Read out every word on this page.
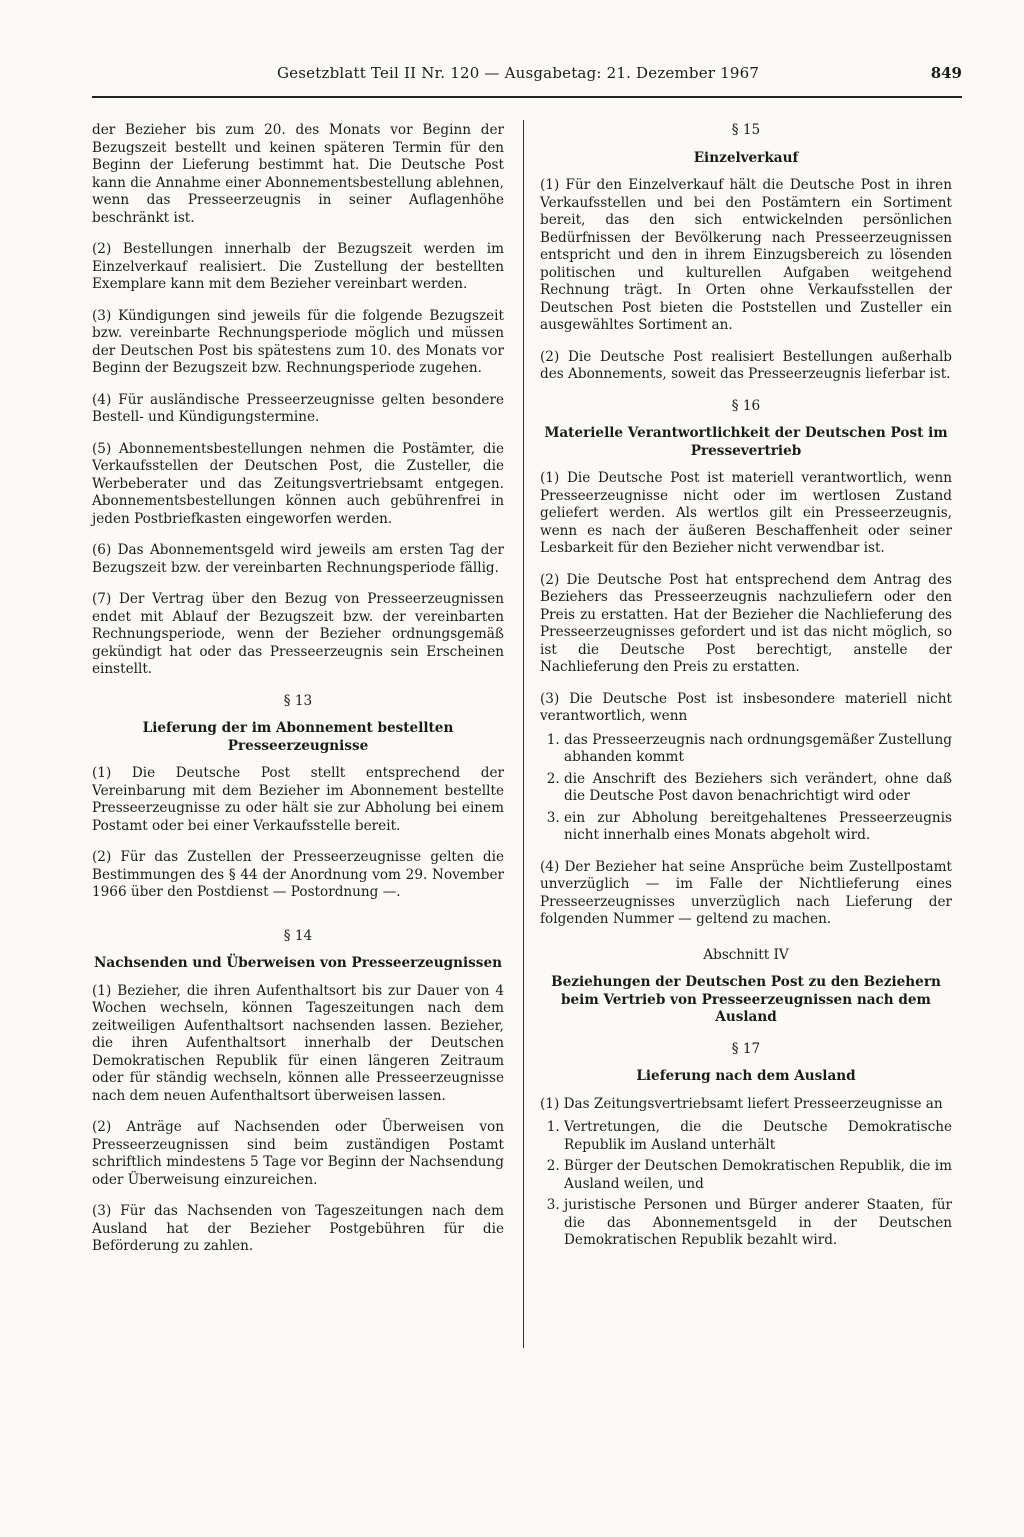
Gesetzblatt Teil II Nr. 120 — Ausgabetag: 21. Dezember 1967	849

der Bezieher bis zum 20. des Monats vor Beginn der Bezugszeit bestellt und keinen späteren Termin für den Beginn der Lieferung bestimmt hat. Die Deutsche Post kann die Annahme einer Abonnementsbestellung ablehnen, wenn das Presseerzeugnis in seiner Auflagenhöhe beschränkt ist.

(2) Bestellungen innerhalb der Bezugszeit werden im Einzelverkauf realisiert. Die Zustellung der bestellten Exemplare kann mit dem Bezieher vereinbart werden.

(3) Kündigungen sind jeweils für die folgende Bezugszeit bzw. vereinbarte Rechnungsperiode möglich und müssen der Deutschen Post bis spätestens zum 10. des Monats vor Beginn der Bezugszeit bzw. Rechnungsperiode zugehen.

(4) Für ausländische Presseerzeugnisse gelten besondere Bestell- und Kündigungstermine.

(5) Abonnementsbestellungen nehmen die Postämter, die Verkaufsstellen der Deutschen Post, die Zusteller, die Werbeberater und das Zeitungsvertriebsamt entgegen. Abonnementsbestellungen können auch gebührenfrei in jeden Postbriefkasten eingeworfen werden.

(6) Das Abonnementsgeld wird jeweils am ersten Tag der Bezugszeit bzw. der vereinbarten Rechnungsperiode fällig.

(7) Der Vertrag über den Bezug von Presseerzeugnissen endet mit Ablauf der Bezugszeit bzw. der vereinbarten Rechnungsperiode, wenn der Bezieher ordnungsgemäß gekündigt hat oder das Presseerzeugnis sein Erscheinen einstellt.

§ 13
Lieferung der im Abonnement bestellten Presseerzeugnisse

(1) Die Deutsche Post stellt entsprechend der Vereinbarung mit dem Bezieher im Abonnement bestellte Presseerzeugnisse zu oder hält sie zur Abholung bei einem Postamt oder bei einer Verkaufsstelle bereit.

(2) Für das Zustellen der Presseerzeugnisse gelten die Bestimmungen des § 44 der Anordnung vom 29. November 1966 über den Postdienst — Postordnung —.

§ 14
Nachsenden und Überweisen von Presseerzeugnissen

(1) Bezieher, die ihren Aufenthaltsort bis zur Dauer von 4 Wochen wechseln, können Tageszeitungen nach dem zeitweiligen Aufenthaltsort nachsenden lassen. Bezieher, die ihren Aufenthaltsort innerhalb der Deutschen Demokratischen Republik für einen längeren Zeitraum oder für ständig wechseln, können alle Presseerzeugnisse nach dem neuen Aufenthaltsort überweisen lassen.

(2) Anträge auf Nachsenden oder Überweisen von Presseerzeugnissen sind beim zuständigen Postamt schriftlich mindestens 5 Tage vor Beginn der Nachsendung oder Überweisung einzureichen.

(3) Für das Nachsenden von Tageszeitungen nach dem Ausland hat der Bezieher Postgebühren für die Beförderung zu zahlen.

§ 15
Einzelverkauf

(1) Für den Einzelverkauf hält die Deutsche Post in ihren Verkaufsstellen und bei den Postämtern ein Sortiment bereit, das den sich entwickelnden persönlichen Bedürfnissen der Bevölkerung nach Presseerzeugnissen entspricht und den in ihrem Einzugsbereich zu lösenden politischen und kulturellen Aufgaben weitgehend Rechnung trägt. In Orten ohne Verkaufsstellen der Deutschen Post bieten die Poststellen und Zusteller ein ausgewähltes Sortiment an.

(2) Die Deutsche Post realisiert Bestellungen außerhalb des Abonnements, soweit das Presseerzeugnis lieferbar ist.

§ 16
Materielle Verantwortlichkeit der Deutschen Post im Pressevertrieb

(1) Die Deutsche Post ist materiell verantwortlich, wenn Presseerzeugnisse nicht oder im wertlosen Zustand geliefert werden. Als wertlos gilt ein Presseerzeugnis, wenn es nach der äußeren Beschaffenheit oder seiner Lesbarkeit für den Bezieher nicht verwendbar ist.

(2) Die Deutsche Post hat entsprechend dem Antrag des Beziehers das Presseerzeugnis nachzuliefern oder den Preis zu erstatten. Hat der Bezieher die Nachlieferung des Presseerzeugnisses gefordert und ist das nicht möglich, so ist die Deutsche Post berechtigt, anstelle der Nachlieferung den Preis zu erstatten.

(3) Die Deutsche Post ist insbesondere materiell nicht verantwortlich, wenn

1. das Presseerzeugnis nach ordnungsgemäßer Zustellung abhanden kommt
2. die Anschrift des Beziehers sich verändert, ohne daß die Deutsche Post davon benachrichtigt wird oder
3. ein zur Abholung bereitgehaltenes Presseerzeugnis nicht innerhalb eines Monats abgeholt wird.

(4) Der Bezieher hat seine Ansprüche beim Zustellpostamt unverzüglich — im Falle der Nichtlieferung eines Presseerzeugnisses unverzüglich nach Lieferung der folgenden Nummer — geltend zu machen.

Abschnitt IV
Beziehungen der Deutschen Post zu den Beziehern beim Vertrieb von Presseerzeugnissen nach dem Ausland
§ 17
Lieferung nach dem Ausland

(1) Das Zeitungsvertriebsamt liefert Presseerzeugnisse an

1. Vertretungen, die die Deutsche Demokratische Republik im Ausland unterhält
2. Bürger der Deutschen Demokratischen Republik, die im Ausland weilen, und
3. juristische Personen und Bürger anderer Staaten, für die das Abonnementsgeld in der Deutschen Demokratischen Republik bezahlt wird.
